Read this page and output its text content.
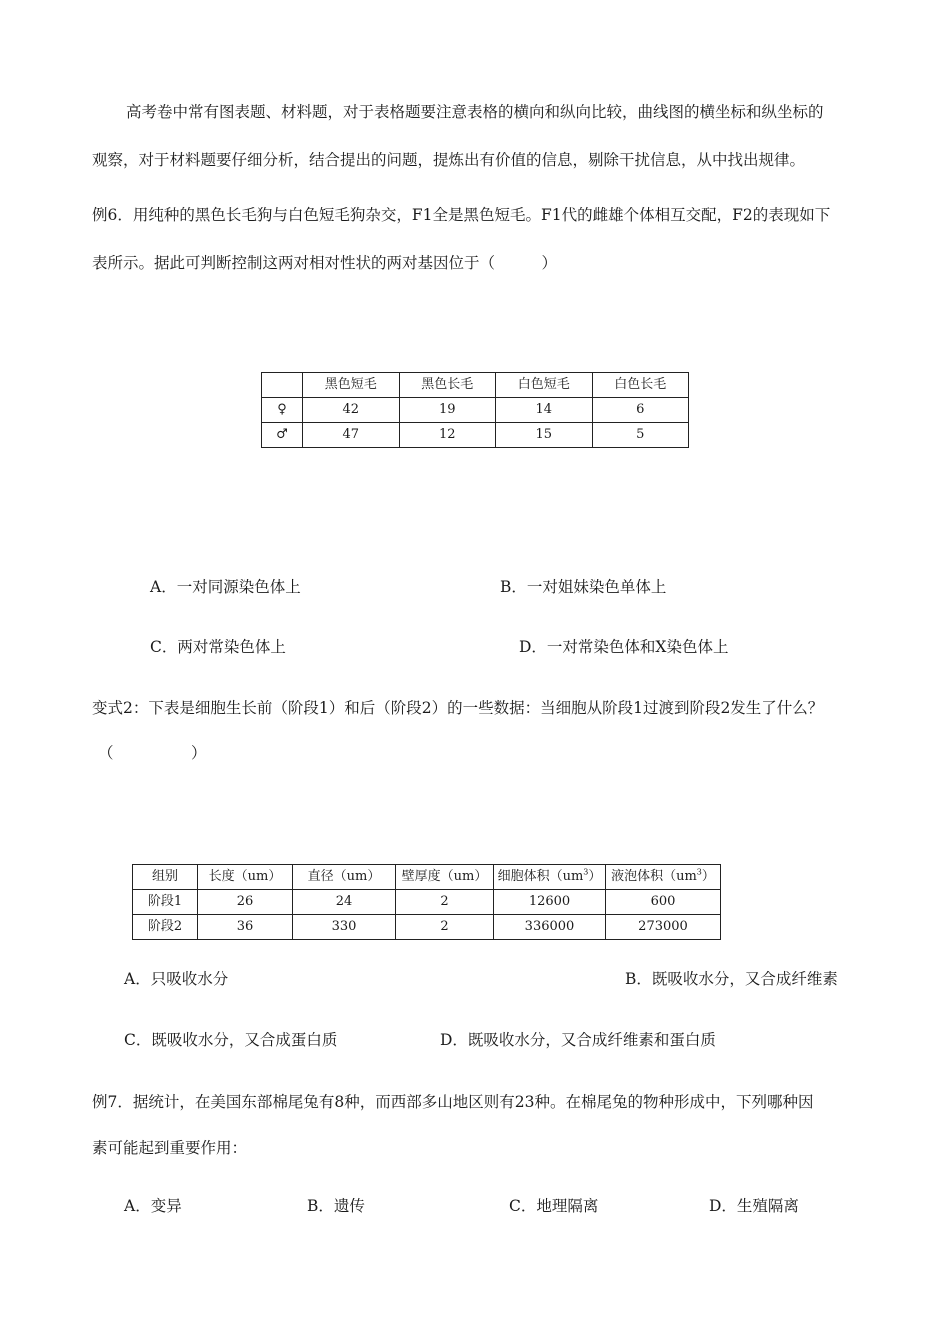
高考卷中常有图表题、材料题，对于表格题要注意表格的横向和纵向比较，曲线图的横坐标和纵坐标的
观察，对于材料题要仔细分析，结合提出的问题，提炼出有价值的信息，剔除干扰信息，从中找出规律。
例6．用纯种的黑色长毛狗与白色短毛狗杂交，F1全是黑色短毛。F1代的雌雄个体相互交配，F2的表现如下
表所示。据此可判断控制这两对相对性状的两对基因位于（　　　）
	黑色短毛	黑色长毛	白色短毛	白色长毛
♀	42	19	14	6
♂	47	12	15	5
A．一对同源染色体上	B．一对姐妹染色单体上
C．两对常染色体上	D．一对常染色体和X染色体上
变式2：下表是细胞生长前（阶段1）和后（阶段2）的一些数据：当细胞从阶段1过渡到阶段2发生了什么？
（　　　　　）
组别	长度（um）	直径（um）	壁厚度（um）	细胞体积$(um^3)$	液泡体积$(um^3)$
阶段1	26	24	2	12600	600
阶段2	36	330	2	336000	273000
A．只吸收水分	B．既吸收水分，又合成纤维素
C．既吸收水分，又合成蛋白质	D．既吸收水分，又合成纤维素和蛋白质
例7．据统计，在美国东部棉尾兔有8种，而西部多山地区则有23种。在棉尾兔的物种形成中，下列哪种因
素可能起到重要作用：
A．变异	B．遗传	C．地理隔离	D．生殖隔离
